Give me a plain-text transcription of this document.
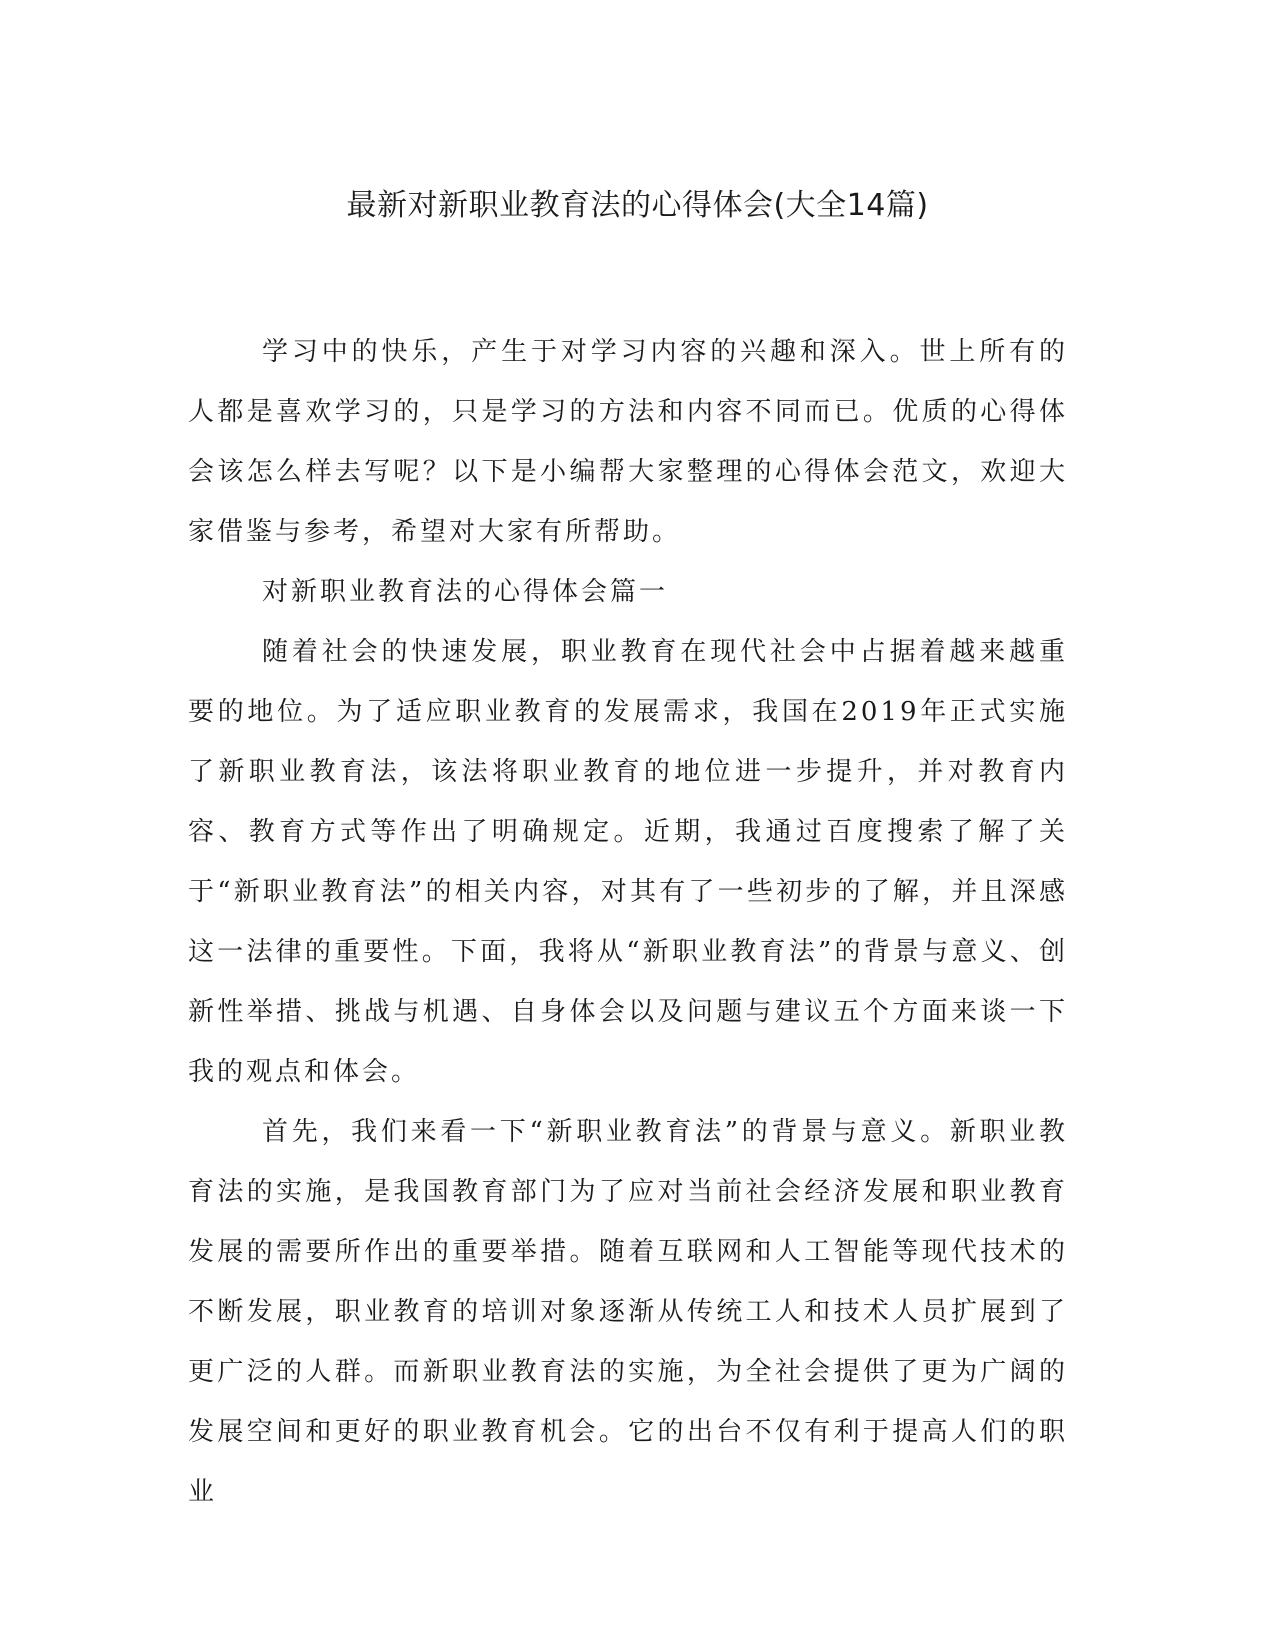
最新对新职业教育法的心得体会(大全14篇)

学习中的快乐，产生于对学习内容的兴趣和深入。世上所有的人都是喜欢学习的，只是学习的方法和内容不同而已。优质的心得体会该怎么样去写呢？以下是小编帮大家整理的心得体会范文，欢迎大家借鉴与参考，希望对大家有所帮助。

对新职业教育法的心得体会篇一

随着社会的快速发展，职业教育在现代社会中占据着越来越重要的地位。为了适应职业教育的发展需求，我国在2019年正式实施了新职业教育法，该法将职业教育的地位进一步提升，并对教育内容、教育方式等作出了明确规定。近期，我通过百度搜索了解了关于“新职业教育法”的相关内容，对其有了一些初步的了解，并且深感这一法律的重要性。下面，我将从“新职业教育法”的背景与意义、创新性举措、挑战与机遇、自身体会以及问题与建议五个方面来谈一下我的观点和体会。

首先，我们来看一下“新职业教育法”的背景与意义。新职业教育法的实施，是我国教育部门为了应对当前社会经济发展和职业教育发展的需要所作出的重要举措。随着互联网和人工智能等现代技术的不断发展，职业教育的培训对象逐渐从传统工人和技术人员扩展到了更广泛的人群。而新职业教育法的实施，为全社会提供了更为广阔的发展空间和更好的职业教育机会。它的出台不仅有利于提高人们的职业
